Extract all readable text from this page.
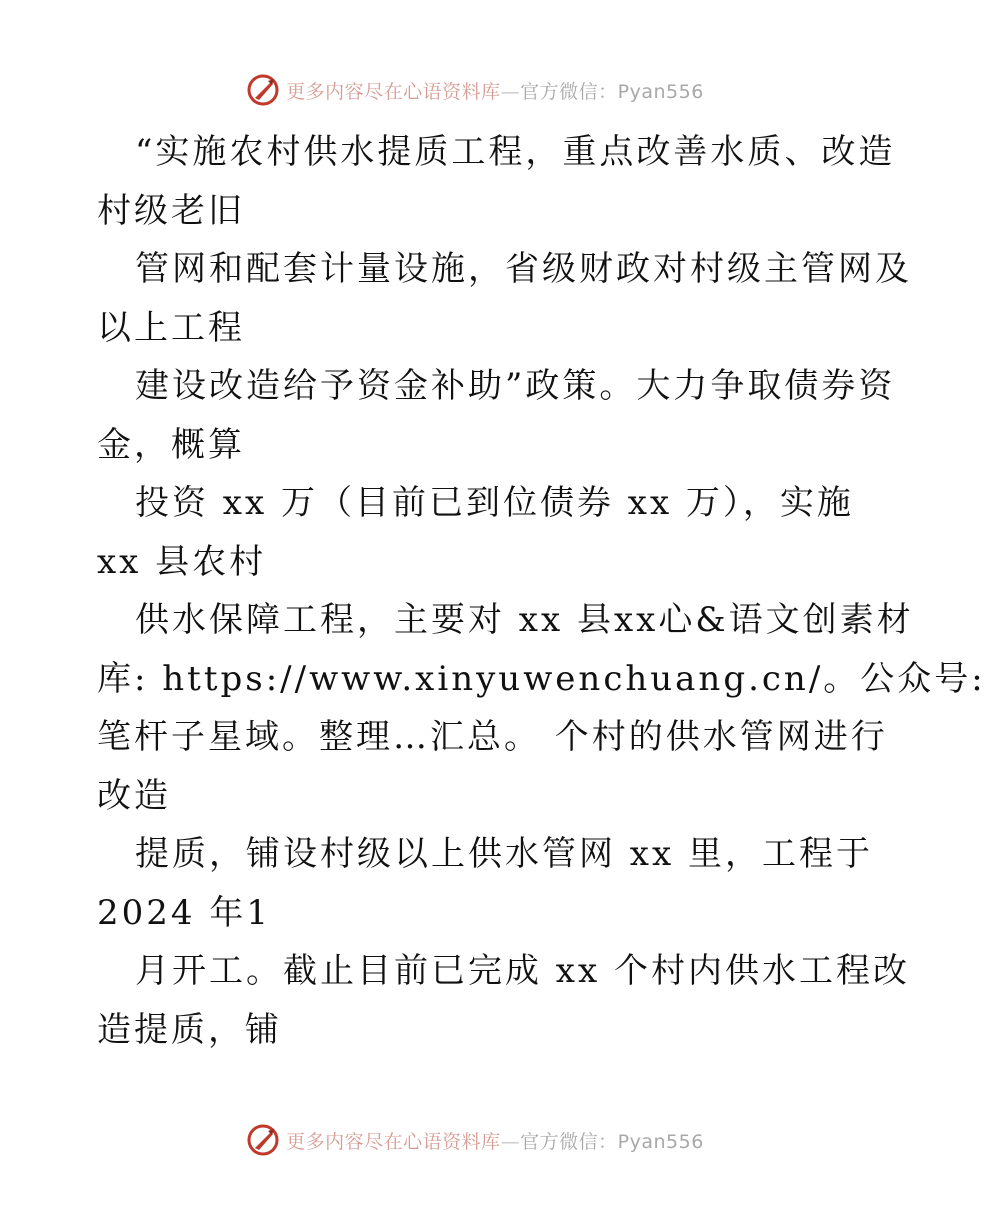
更多内容尽在心语资料库—官方微信：Pyan556
“实施农村供水提质工程，重点改善水质、改造
村级老旧
管网和配套计量设施，省级财政对村级主管网及
以上工程
建设改造给予资金补助”政策。大力争取债券资
金，概算
投资 xx 万（目前已到位债券 xx 万），实施
xx 县农村
供水保障工程，主要对 xx 县xx心&语文创素材
库: https://www.xinyuwenchuang.cn/。公众号:
笔杆子星域。整理…汇总。 个村的供水管网进行
改造
提质，铺设村级以上供水管网 xx 里，工程于
2024 年1
月开工。截止目前已完成 xx 个村内供水工程改
造提质，铺
更多内容尽在心语资料库—官方微信：Pyan556
